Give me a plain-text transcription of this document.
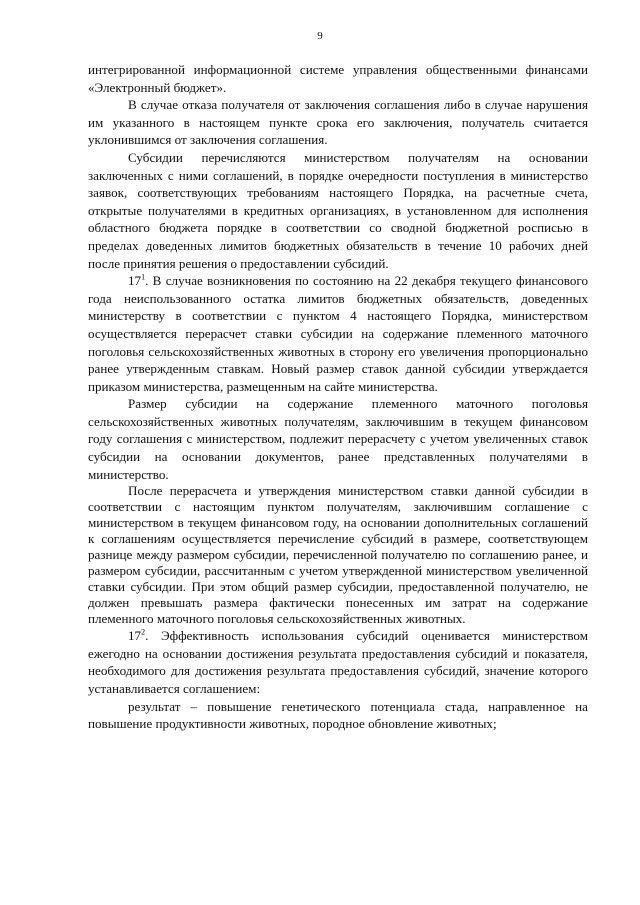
9

интегрированной информационной системе управления общественными финансами «Электронный бюджет».

В случае отказа получателя от заключения соглашения либо в случае нарушения им указанного в настоящем пункте срока его заключения, получатель считается уклонившимся от заключения соглашения.

Субсидии перечисляются министерством получателям на основании заключенных с ними соглашений, в порядке очередности поступления в министерство заявок, соответствующих требованиям настоящего Порядка, на расчетные счета, открытые получателями в кредитных организациях, в установленном для исполнения областного бюджета порядке в соответствии со сводной бюджетной росписью в пределах доведенных лимитов бюджетных обязательств в течение 10 рабочих дней после принятия решения о предоставлении субсидий.

$17^1$. В случае возникновения по состоянию на 22 декабря текущего финансового года неиспользованного остатка лимитов бюджетных обязательств, доведенных министерству в соответствии с пунктом 4 настоящего Порядка, министерством осуществляется перерасчет ставки субсидии на содержание племенного маточного поголовья сельскохозяйственных животных в сторону его увеличения пропорционально ранее утвержденным ставкам. Новый размер ставок данной субсидии утверждается приказом министерства, размещенным на сайте министерства.

Размер субсидии на содержание племенного маточного поголовья сельскохозяйственных животных получателям, заключившим в текущем финансовом году соглашения с министерством, подлежит перерасчету с учетом увеличенных ставок субсидии на основании документов, ранее представленных получателями в министерство.

После перерасчета и утверждения министерством ставки данной субсидии в соответствии с настоящим пунктом получателям, заключившим соглашение с министерством в текущем финансовом году, на основании дополнительных соглашений к соглашениям осуществляется перечисление субсидий в размере, соответствующем разнице между размером субсидии, перечисленной получателю по соглашению ранее, и размером субсидии, рассчитанным с учетом утвержденной министерством увеличенной ставки субсидии. При этом общий размер субсидии, предоставленной получателю, не должен превышать размера фактически понесенных им затрат на содержание племенного маточного поголовья сельскохозяйственных животных.

$17^2$. Эффективность использования субсидий оценивается министерством ежегодно на основании достижения результата предоставления субсидий и показателя, необходимого для достижения результата предоставления субсидий, значение которого устанавливается соглашением:

результат – повышение генетического потенциала стада, направленное на повышение продуктивности животных, породное обновление животных;
